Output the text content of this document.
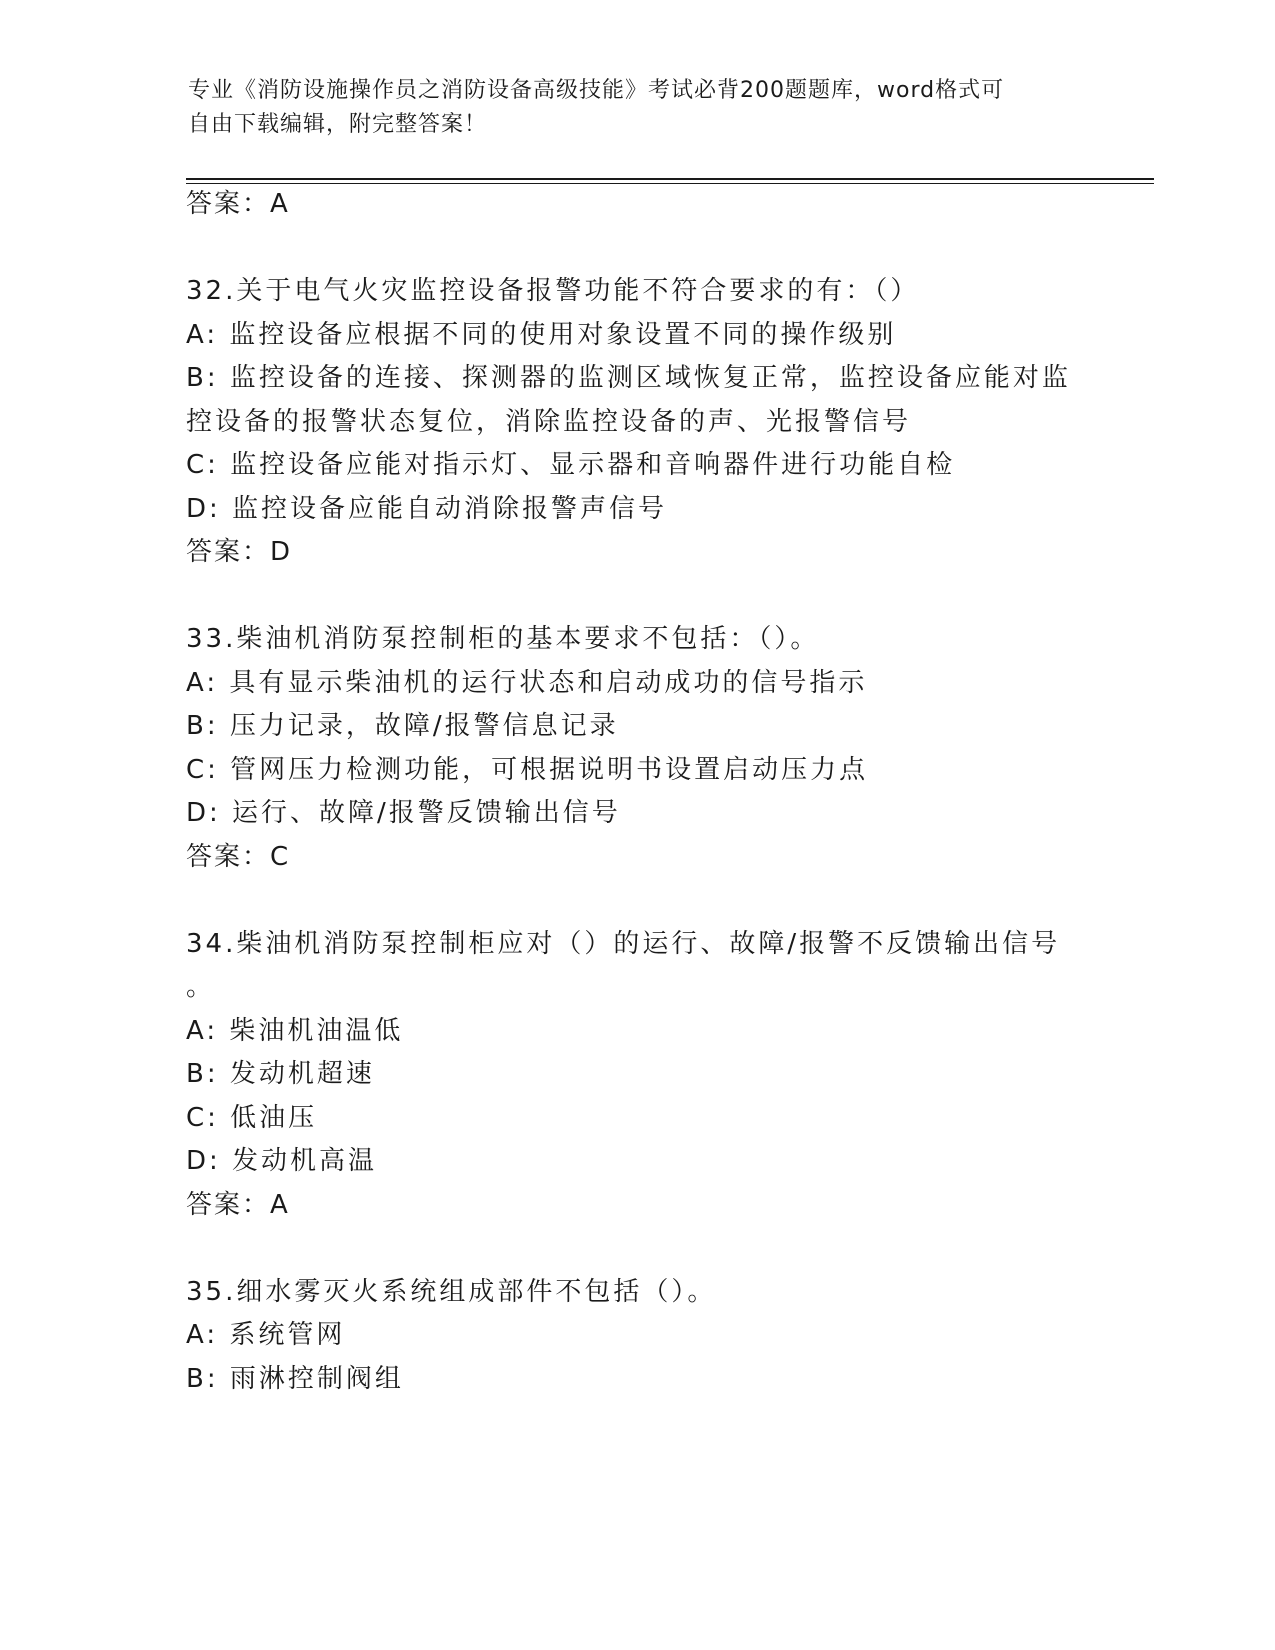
专业《消防设施操作员之消防设备高级技能》考试必背200题题库，word格式可
自由下载编辑，附完整答案！
答案：A
32.关于电气火灾监控设备报警功能不符合要求的有：（）
A: 监控设备应根据不同的使用对象设置不同的操作级别
B: 监控设备的连接、探测器的监测区域恢复正常，监控设备应能对监
控设备的报警状态复位，消除监控设备的声、光报警信号
C: 监控设备应能对指示灯、显示器和音响器件进行功能自检
D: 监控设备应能自动消除报警声信号
答案：D
33.柴油机消防泵控制柜的基本要求不包括：（）。
A: 具有显示柴油机的运行状态和启动成功的信号指示
B: 压力记录，故障/报警信息记录
C: 管网压力检测功能，可根据说明书设置启动压力点
D: 运行、故障/报警反馈输出信号
答案：C
34.柴油机消防泵控制柜应对（）的运行、故障/报警不反馈输出信号
。
A: 柴油机油温低
B: 发动机超速
C: 低油压
D: 发动机高温
答案：A
35.细水雾灭火系统组成部件不包括（）。
A: 系统管网
B: 雨淋控制阀组
